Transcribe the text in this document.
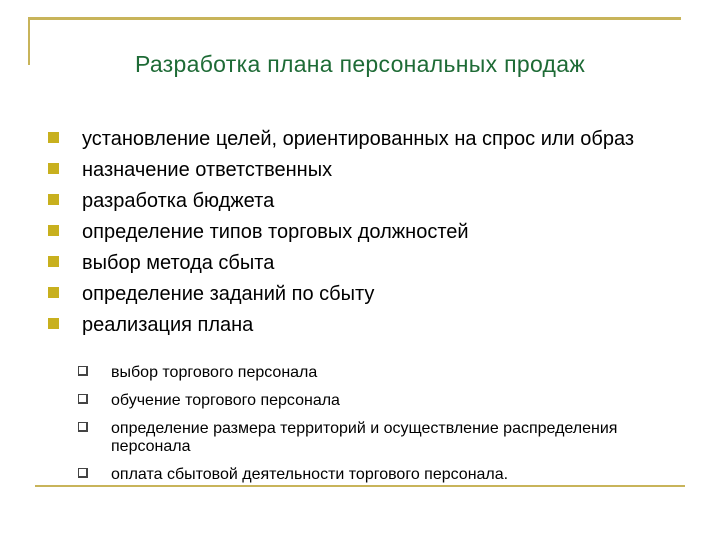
Разработка плана персональных продаж
установление целей, ориентированных на спрос или образ
назначение ответственных
разработка бюджета
определение типов торговых должностей
выбор метода сбыта
определение заданий по сбыту
реализация плана
выбор торгового персонала
обучение торгового персонала
определение размера территорий и осуществление распределения персонала
оплата сбытовой деятельности торгового персонала.
